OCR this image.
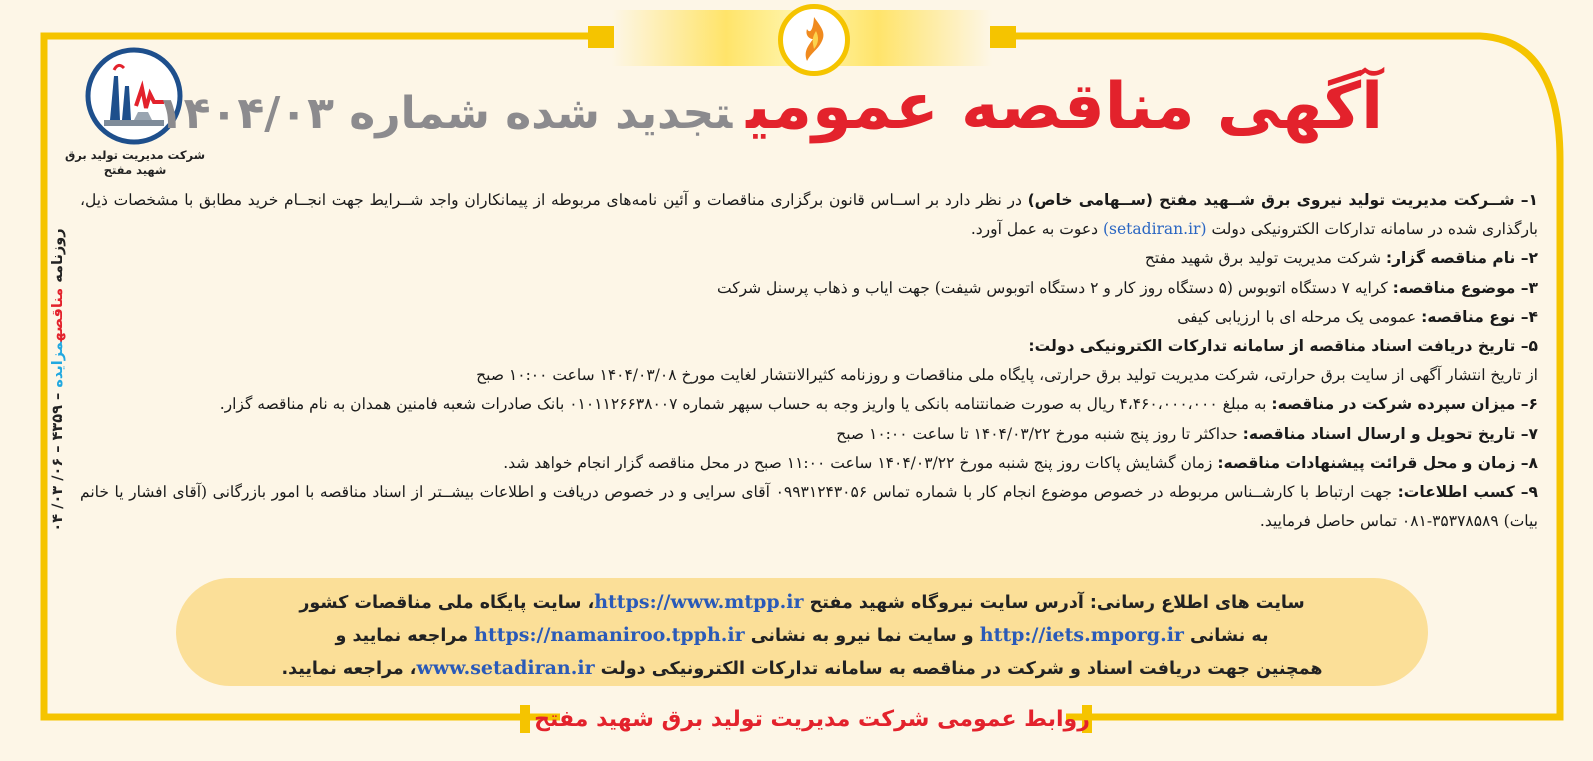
شرکت مدیریت تولید برق
شهید مفتح
آگهی مناقصه عمومیتجدید شده شماره ۱۴۰۴/۰۳

۱– شــرکت مدیریت تولید نیروی برق شــهید مفتح (ســهامی خاص) در نظر دارد بر اســاس قانون برگزاری مناقصات و آئین نامه‌های مربوطه از پیمانکاران واجد شــرایط جهت انجــام خرید مطابق با مشخصات ذیل، بارگذاری شده در سامانه تدارکات الکترونیکی دولت (setadiran.ir) دعوت به عمل آورد.

۲– نام مناقصه گزار: شرکت مدیریت تولید برق شهید مفتح

۳– موضوع مناقصه: کرایه ۷ دستگاه اتوبوس (۵ دستگاه روز کار و ۲ دستگاه اتوبوس شیفت) جهت ایاب و ذهاب پرسنل شرکت

۴– نوع مناقصه: عمومی یک مرحله ای با ارزیابی کیفی

۵– تاریخ دریافت اسناد مناقصه از سامانه تدارکات الکترونیکی دولت:

از تاریخ انتشار آگهی از سایت برق حرارتی، شرکت مدیریت تولید برق حرارتی، پایگاه ملی مناقصات و روزنامه کثیرالانتشار لغایت مورخ ۱۴۰۴/۰۳/۰۸ ساعت ۱۰:۰۰ صبح

۶– میزان سپرده شرکت در مناقصه: به مبلغ ۴،۴۶۰،۰۰۰،۰۰۰ ریال به صورت ضمانتنامه بانکی یا واریز وجه به حساب سپهر شماره ۰۱۰۱۱۲۶۶۳۸۰۰۷ بانک صادرات شعبه فامنین همدان به نام مناقصه گزار.

۷– تاریخ تحویل و ارسال اسناد مناقصه: حداکثر تا روز پنج شنبه مورخ ۱۴۰۴/۰۳/۲۲ تا ساعت ۱۰:۰۰ صبح

۸– زمان و محل قرائت پیشنهادات مناقصه: زمان گشایش پاکات روز پنج شنبه مورخ ۱۴۰۴/۰۳/۲۲ ساعت ۱۱:۰۰ صبح در محل مناقصه گزار انجام خواهد شد.

۹– کسب اطلاعات: جهت ارتباط با کارشــناس مربوطه در خصوص موضوع انجام کار با شماره تماس ۰۹۹۳۱۲۴۳۰۵۶ آقای سرایی و در خصوص دریافت و اطلاعات بیشــتر از اسناد مناقصه با امور بازرگانی (آقای افشار یا خانم بیات) ۳۵۳۷۸۵۸۹-۰۸۱ تماس حاصل فرمایید.

روزنامه مناقصهمزایده – ۴۳۵۹ – ۰۶/ ۰۳/ ۰۴
سایت های اطلاع رسانی: آدرس سایت نیروگاه شهید مفتح https://www.mtpp.ir، سایت پایگاه ملی مناقصات کشور
به نشانی http://iets.mporg.ir و سایت نما نیرو به نشانی https://namaniroo.tpph.ir مراجعه نمایید و
همچنین جهت دریافت اسناد و شرکت در مناقصه به سامانه تدارکات الکترونیکی دولت www.setadiran.ir، مراجعه نمایید.
روابط عمومی شرکت مدیریت تولید برق شهید مفتح
